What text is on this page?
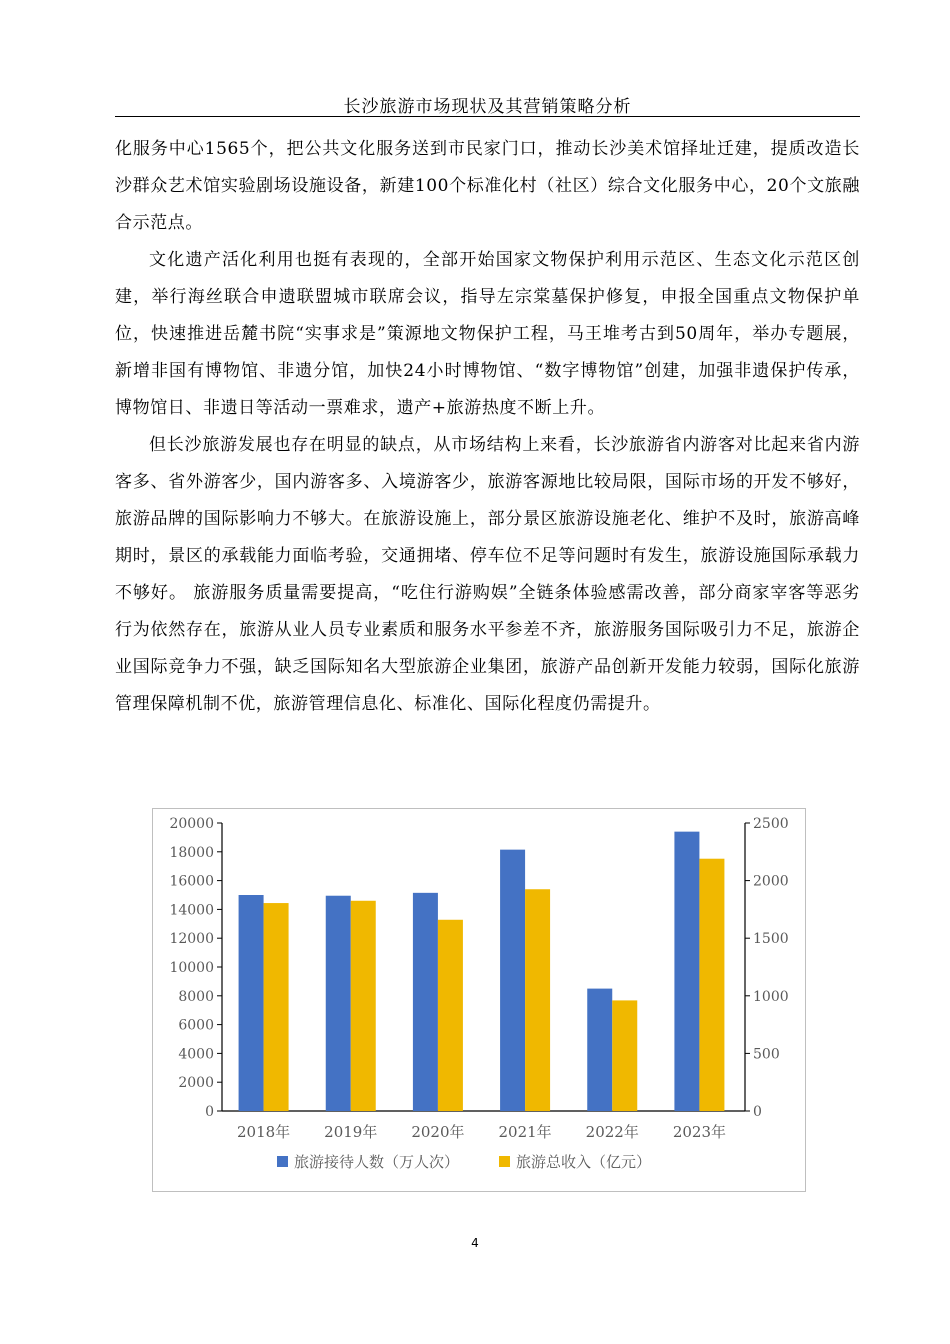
长沙旅游市场现状及其营销策略分析

化服务中心1565个，把公共文化服务送到市民家门口，推动长沙美术馆择址迁建，提质改造长沙群众艺术馆实验剧场设施设备，新建100个标准化村（社区）综合文化服务中心，20个文旅融合示范点。

文化遗产活化利用也挺有表现的，全部开始国家文物保护利用示范区、生态文化示范区创建，举行海丝联合申遗联盟城市联席会议，指导左宗棠墓保护修复，申报全国重点文物保护单位，快速推进岳麓书院“实事求是”策源地文物保护工程，马王堆考古到50周年，举办专题展，新增非国有博物馆、非遗分馆，加快24小时博物馆、“数字博物馆”创建，加强非遗保护传承，博物馆日、非遗日等活动一票难求，遗产+旅游热度不断上升。

但长沙旅游发展也存在明显的缺点，从市场结构上来看，长沙旅游省内游客对比起来省内游客多、省外游客少，国内游客多、入境游客少，旅游客源地比较局限，国际市场的开发不够好，旅游品牌的国际影响力不够大。在旅游设施上，部分景区旅游设施老化、维护不及时，旅游高峰期时，景区的承载能力面临考验，交通拥堵、停车位不足等问题时有发生，旅游设施国际承载力不够好。 旅游服务质量需要提高，“吃住行游购娱”全链条体验感需改善，部分商家宰客等恶劣行为依然存在，旅游从业人员专业素质和服务水平参差不齐，旅游服务国际吸引力不足，旅游企业国际竞争力不强，缺乏国际知名大型旅游企业集团，旅游产品创新开发能力较弱，国际化旅游管理保障机制不优，旅游管理信息化、标准化、国际化程度仍需提升。

0
2000
4000
6000
8000
10000
12000
14000
16000
18000
20000
0
500
1000
1500
2000
2500
2018年 2019年 2020年 2021年 2022年 2023年
旅游接待人数（万人次）	旅游总收入（亿元）
4
